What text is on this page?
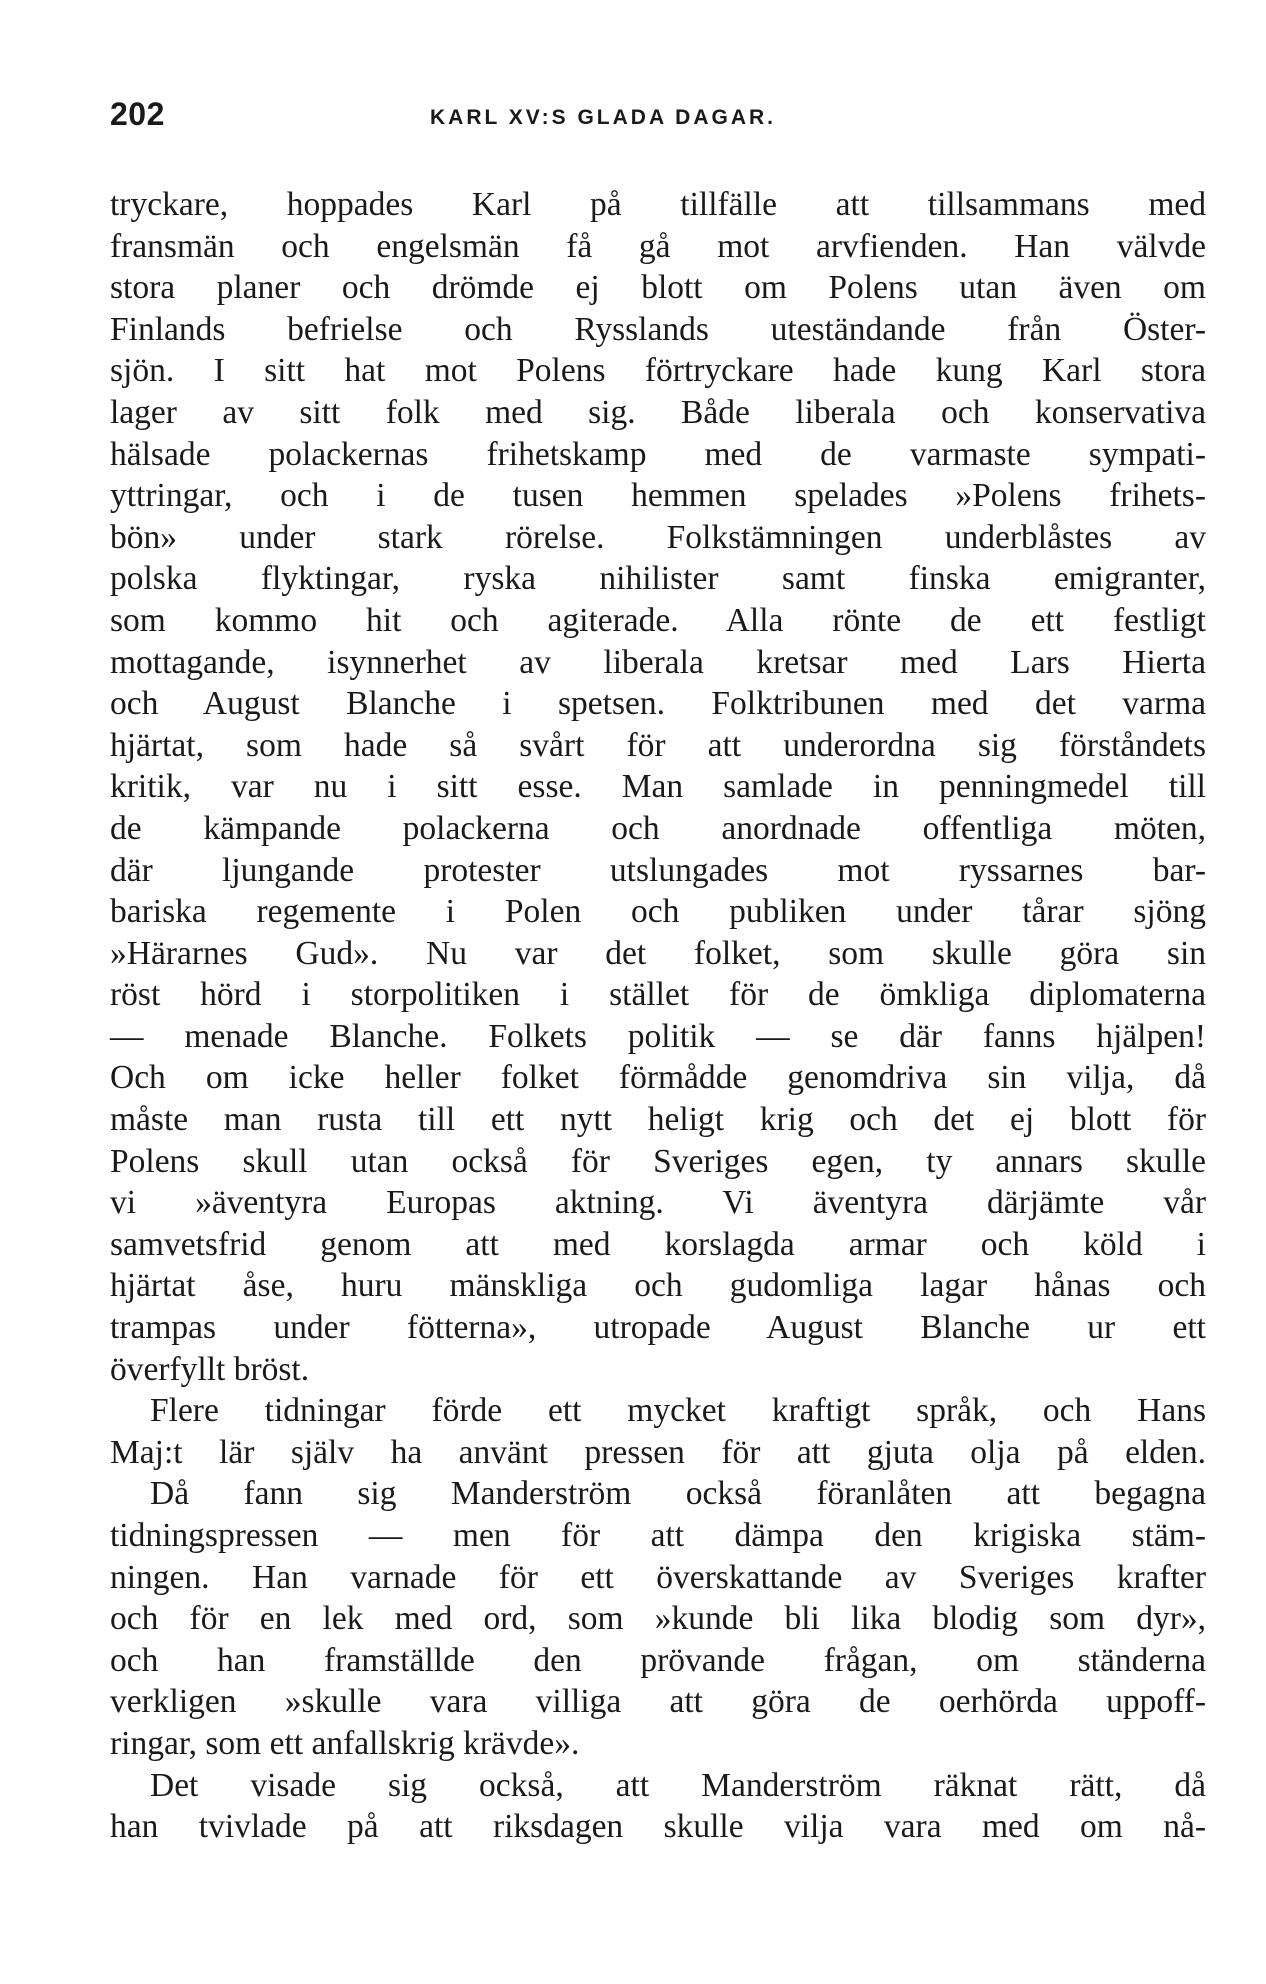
202	KARL XV:S GLADA DAGAR.
tryckare, hoppades Karl på tillfälle att tillsammans med
fransmän och engelsmän få gå mot arvfienden. Han välvde
stora planer och drömde ej blott om Polens utan även om
Finlands befrielse och Rysslands uteständande från Öster-
sjön. I sitt hat mot Polens förtryckare hade kung Karl stora
lager av sitt folk med sig. Både liberala och konservativa
hälsade polackernas frihetskamp med de varmaste sympati-
yttringar, och i de tusen hemmen spelades »Polens frihets-
bön» under stark rörelse. Folkstämningen underblåstes av
polska flyktingar, ryska nihilister samt finska emigranter,
som kommo hit och agiterade. Alla rönte de ett festligt
mottagande, isynnerhet av liberala kretsar med Lars Hierta
och August Blanche i spetsen. Folktribunen med det varma
hjärtat, som hade så svårt för att underordna sig förståndets
kritik, var nu i sitt esse. Man samlade in penningmedel till
de kämpande polackerna och anordnade offentliga möten,
där ljungande protester utslungades mot ryssarnes bar-
bariska regemente i Polen och publiken under tårar sjöng
»Härarnes Gud». Nu var det folket, som skulle göra sin
röst hörd i storpolitiken i stället för de ömkliga diplomaterna
— menade Blanche. Folkets politik — se där fanns hjälpen!
Och om icke heller folket förmådde genomdriva sin vilja, då
måste man rusta till ett nytt heligt krig och det ej blott för
Polens skull utan också för Sveriges egen, ty annars skulle
vi »äventyra Europas aktning. Vi äventyra därjämte vår
samvetsfrid genom att med korslagda armar och köld i
hjärtat åse, huru mänskliga och gudomliga lagar hånas och
trampas under fötterna», utropade August Blanche ur ett
överfyllt bröst.
Flere tidningar förde ett mycket kraftigt språk, och Hans
Maj:t lär själv ha använt pressen för att gjuta olja på elden.
Då fann sig Manderström också föranlåten att begagna
tidningspressen — men för att dämpa den krigiska stäm-
ningen. Han varnade för ett överskattande av Sveriges krafter
och för en lek med ord, som »kunde bli lika blodig som dyr»,
och han framställde den prövande frågan, om ständerna
verkligen »skulle vara villiga att göra de oerhörda uppoff-
ringar, som ett anfallskrig krävde».
Det visade sig också, att Manderström räknat rätt, då
han tvivlade på att riksdagen skulle vilja vara med om nå-
